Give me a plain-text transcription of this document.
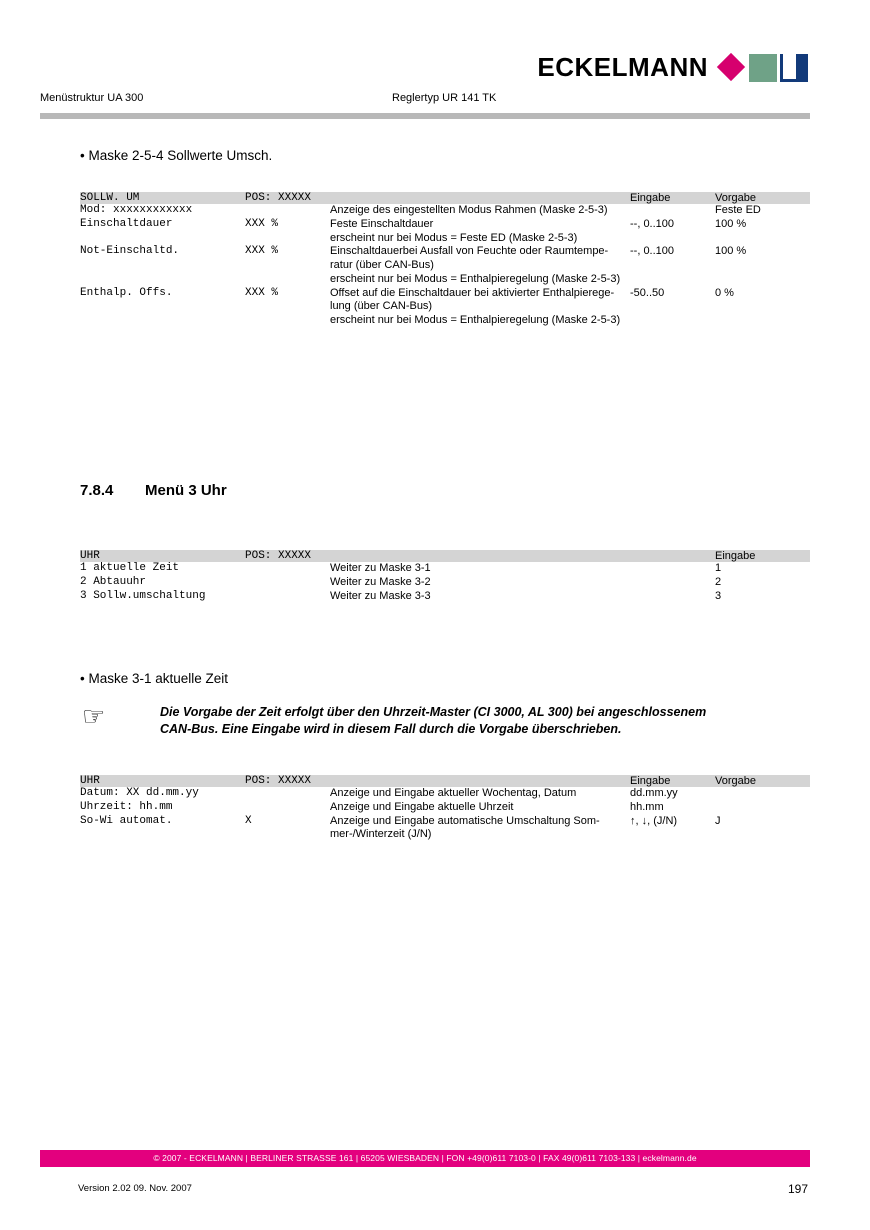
ECKELMANN
Menüstruktur UA 300	Reglertyp UR 141 TK
• Maske 2-5-4 Sollwerte Umsch.
SOLLW. UM	POS: XXXXX		Eingabe	Vorgabe
Mod: xxxxxxxxxxxx		Anzeige des eingestellten Modus Rahmen (Maske 2-5-3)		Feste ED
Einschaltdauer	XXX %	Feste Einschaltdauer	--, 0..100	100 %
		erscheint nur bei Modus = Feste ED (Maske 2-5-3)		
Not-Einschaltd.	XXX %	Einschaltdauerbei Ausfall von Feuchte oder Raumtempe-ratur (über CAN-Bus)	--, 0..100	100 %
		erscheint nur bei Modus = Enthalpieregelung (Maske 2-5-3)		
Enthalp. Offs.	XXX %	Offset auf die Einschaltdauer bei aktivierter Enthalpierege-lung (über CAN-Bus)	-50..50	0 %
		erscheint nur bei Modus = Enthalpieregelung (Maske 2-5-3)		
7.8.4 Menü 3 Uhr
UHR	POS: XXXXX		Eingabe
1 aktuelle Zeit		Weiter zu Maske 3-1	1
2 Abtauuhr		Weiter zu Maske 3-2	2
3 Sollw.umschaltung		Weiter zu Maske 3-3	3
• Maske 3-1 aktuelle Zeit
☞	Die Vorgabe der Zeit erfolgt über den Uhrzeit-Master (CI 3000, AL 300) bei angeschlossenem
CAN-Bus. Eine Eingabe wird in diesem Fall durch die Vorgabe überschrieben.
UHR	POS: XXXXX		Eingabe	Vorgabe
Datum: XX dd.mm.yy		Anzeige und Eingabe aktueller Wochentag, Datum	dd.mm.yy	
Uhrzeit: hh.mm		Anzeige und Eingabe aktuelle Uhrzeit	hh.mm	
So-Wi automat.	X	Anzeige und Eingabe automatische Umschaltung Som-mer-/Winterzeit (J/N)	↑, ↓, (J/N)	J
© 2007 - ECKELMANN | BERLINER STRASSE 161 | 65205 WIESBADEN | FON +49(0)611 7103-0 | FAX 49(0)611 7103-133 | eckelmann.de
Version 2.02 09. Nov. 2007	197
